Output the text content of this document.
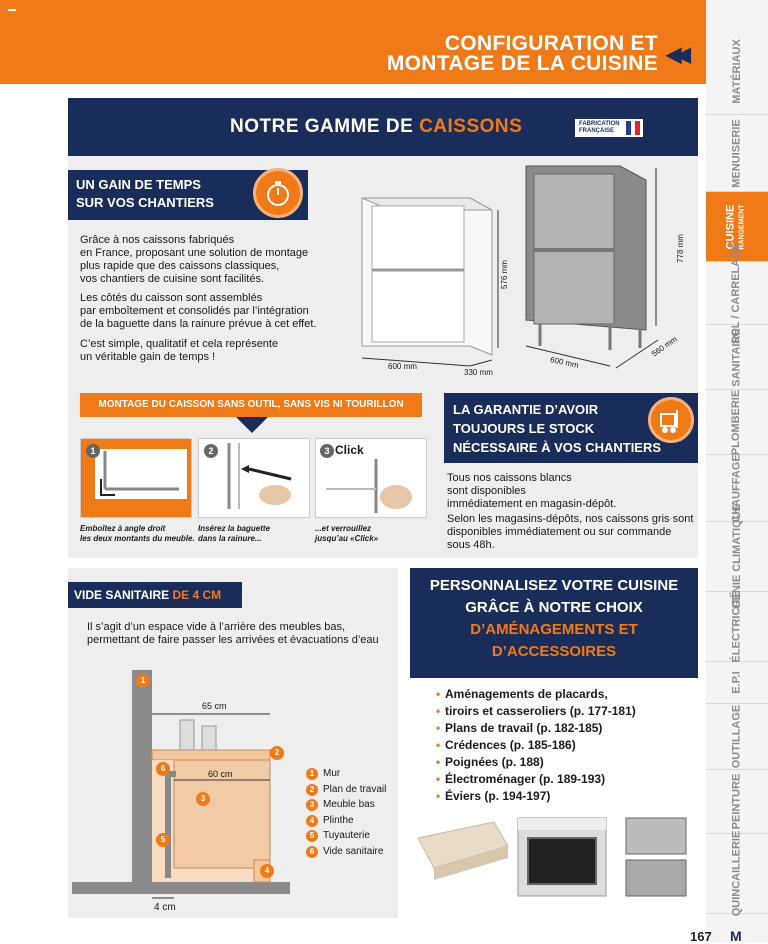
CONFIGURATION ET
MONTAGE DE LA CUISINE ◀◀	MATÉRIAUX
MENUISERIE
CUISINE RANGEMENT
SOL / CARRELAGE
SANITAIRE
PLOMBERIE
CHAUFFAGE
GÉNIE CLIMATIQUE
ÉLECTRICITÉ
E.P.I
OUTILLAGE
PEINTURE
QUINCAILLERIE
NOTRE GAMME DE CAISSONS	FABRICATION
FRANÇAISE
UN GAIN DE TEMPS
SUR VOS CHANTIERS
Grâce à nos caissons fabriqués
en France, proposant une solution de montage
plus rapide que des caissons classiques,
vos chantiers de cuisine sont facilités.
Les côtés du caisson sont assemblés
par emboîtement et consolidés par l’intégration
de la baguette dans la rainure prévue à cet effet.
C’est simple, qualitatif et cela représente
un véritable gain de temps !
600 mm
330 mm
576 mm
600 mm
560 mm
778 mm
MONTAGE DU CAISSON SANS OUTIL, SANS VIS NI TOURILLON
1	2	3 Click
Emboîtez à angle droit
les deux montants du meuble.
Insérez la baguette
dans la rainure...
...et verrouillez
jusqu’au «Click»
LA GARANTIE D’AVOIR
TOUJOURS LE STOCK
NÉCESSAIRE À VOS CHANTIERS
Tous nos caissons blancs
sont disponibles
immédiatement en magasin-dépôt.
Selon les magasins-dépôts, nos caissons gris sont
disponibles immédiatement ou sur commande
sous 48h.
VIDE SANITAIRE DE 4 CM
Il s’agit d’un espace vide à l’arrière des meubles bas,
permettant de faire passer les arrivées et évacuations d’eau
65 cm
60 cm
4 cm
1
2
3
4
5
6
1 Mur
2 Plan de travail
3 Meuble bas
4 Plinthe
5 Tuyauterie
6 Vide sanitaire
PERSONNALISEZ VOTRE CUISINE
GRÂCE À NOTRE CHOIX
D’AMÉNAGEMENTS ET
D’ACCESSOIRES
• Aménagements de placards,
• tiroirs et casseroliers (p. 177-181)
• Plans de travail (p. 182-185)
• Crédences (p. 185-186)
• Poignées (p. 188)
• Électroménager (p. 189-193)
• Éviers (p. 194-197)
167 M
